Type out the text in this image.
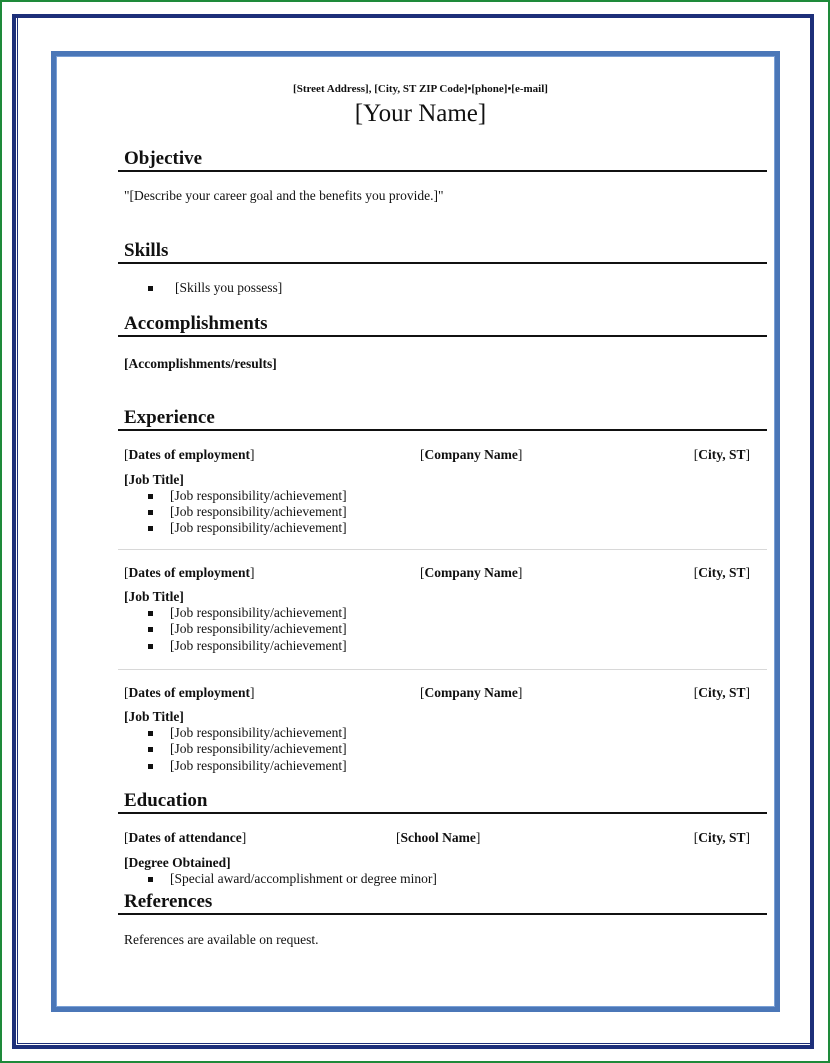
[Street Address], [City, ST ZIP Code]•[phone]•[e-mail]
[Your Name]
Objective
"[Describe your career goal and the benefits you provide.]"
Skills
[Skills you possess]
Accomplishments
[Accomplishments/results]
Experience
[Dates of employment]	[Company Name]	[City, ST]
[Job Title]
[Job responsibility/achievement]
[Job responsibility/achievement]
[Job responsibility/achievement]
[Dates of employment]	[Company Name]	[City, ST]
[Job Title]
[Job responsibility/achievement]
[Job responsibility/achievement]
[Job responsibility/achievement]
[Dates of employment]	[Company Name]	[City, ST]
[Job Title]
[Job responsibility/achievement]
[Job responsibility/achievement]
[Job responsibility/achievement]
Education
[Dates of attendance]	[School Name]	[City, ST]
[Degree Obtained]
[Special award/accomplishment or degree minor]
References
References are available on request.
